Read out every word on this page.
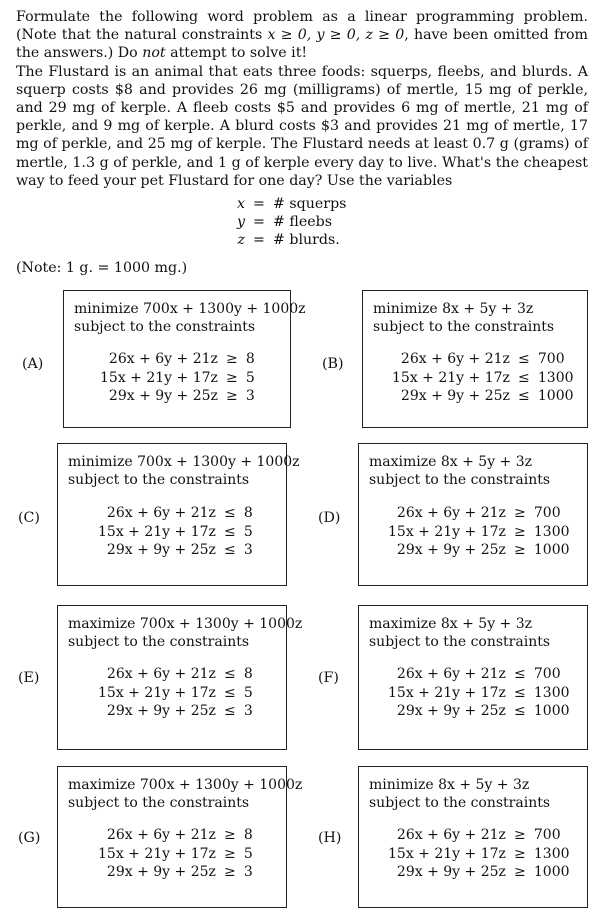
Formulate the following word problem as a linear programming problem. (Note that the natural constraints x ≥ 0, y ≥ 0, z ≥ 0, have been omitted from the answers.) Do not attempt to solve it!

The Flustard is an animal that eats three foods: squerps, fleebs, and blurds. A squerp costs $8 and provides 26 mg (milligrams) of mertle, 15 mg of perkle, and 29 mg of kerple. A fleeb costs $5 and provides 6 mg of mertle, 21 mg of perkle, and 9 mg of kerple. A blurd costs $3 and provides 21 mg of mertle, 17 mg of perkle, and 25 mg of kerple. The Flustard needs at least 0.7 g (grams) of mertle, 1.3 g of perkle, and 1 g of kerple every day to live. What's the cheapest way to feed your pet Flustard for one day? Use the variables

x	=	# squerps
y	=	# fleebs
z	=	# blurds.
(Note: 1 g. = 1000 mg.)
(A)
minimize 700x + 1300y + 1000z
subject to the constraints
26x + 6y + 21z	≥	8
15x + 21y + 17z	≥	5
29x + 9y + 25z	≥	3
(B)
minimize 8x + 5y + 3z
subject to the constraints
26x + 6y + 21z	≤	700
15x + 21y + 17z	≤	1300
29x + 9y + 25z	≤	1000
(C)
minimize 700x + 1300y + 1000z
subject to the constraints
26x + 6y + 21z	≤	8
15x + 21y + 17z	≤	5
29x + 9y + 25z	≤	3
(D)
maximize 8x + 5y + 3z
subject to the constraints
26x + 6y + 21z	≥	700
15x + 21y + 17z	≥	1300
29x + 9y + 25z	≥	1000
(E)
maximize 700x + 1300y + 1000z
subject to the constraints
26x + 6y + 21z	≤	8
15x + 21y + 17z	≤	5
29x + 9y + 25z	≤	3
(F)
maximize 8x + 5y + 3z
subject to the constraints
26x + 6y + 21z	≤	700
15x + 21y + 17z	≤	1300
29x + 9y + 25z	≤	1000
(G)
maximize 700x + 1300y + 1000z
subject to the constraints
26x + 6y + 21z	≥	8
15x + 21y + 17z	≥	5
29x + 9y + 25z	≥	3
(H)
minimize 8x + 5y + 3z
subject to the constraints
26x + 6y + 21z	≥	700
15x + 21y + 17z	≥	1300
29x + 9y + 25z	≥	1000
